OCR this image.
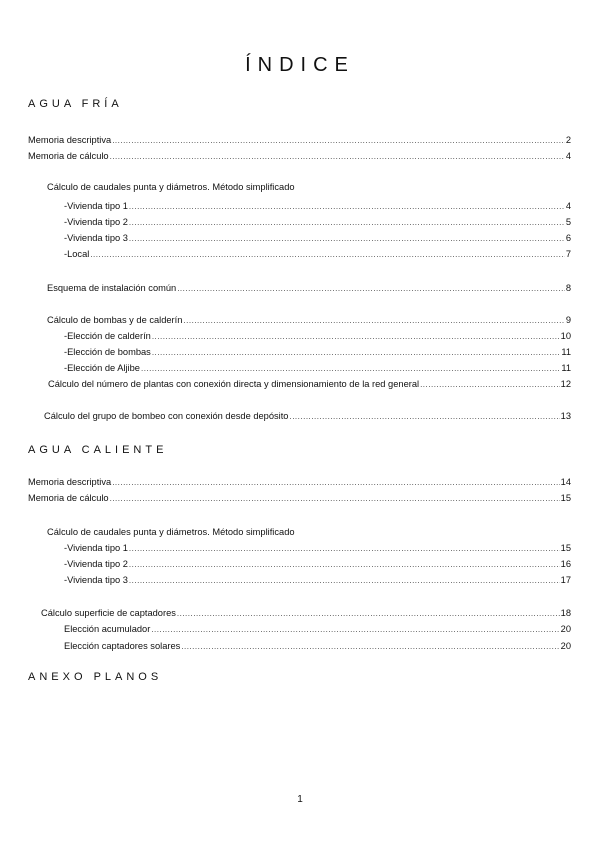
ÍNDICE
AGUA FRÍA
Memoria descriptiva .....	2
Memoria de cálculo .....	4
Cálculo de caudales punta y diámetros. Método simplificado
-Vivienda tipo 1 .....	4
-Vivienda tipo 2 .....	5
-Vivienda tipo 3 .....	6
-Local .....	7
Esquema de instalación común .....	8
Cálculo de bombas y de calderín .....	9
-Elección de calderín .....	10
-Elección de bombas .....	11
-Elección de Aljibe .....	11
Cálculo del número de plantas con conexión directa y dimensionamiento de la red general .....	12
Cálculo del grupo de bombeo con conexión desde depósito .....	13
AGUA CALIENTE
Memoria descriptiva .....	14
Memoria de cálculo .....	15
Cálculo de caudales punta y diámetros. Método simplificado
-Vivienda tipo 1 .....	15
-Vivienda tipo 2 .....	16
-Vivienda tipo 3 .....	17
Cálculo superficie de captadores .....	18
Elección acumulador .....	20
Elección captadores solares .....	20
ANEXO PLANOS
1
